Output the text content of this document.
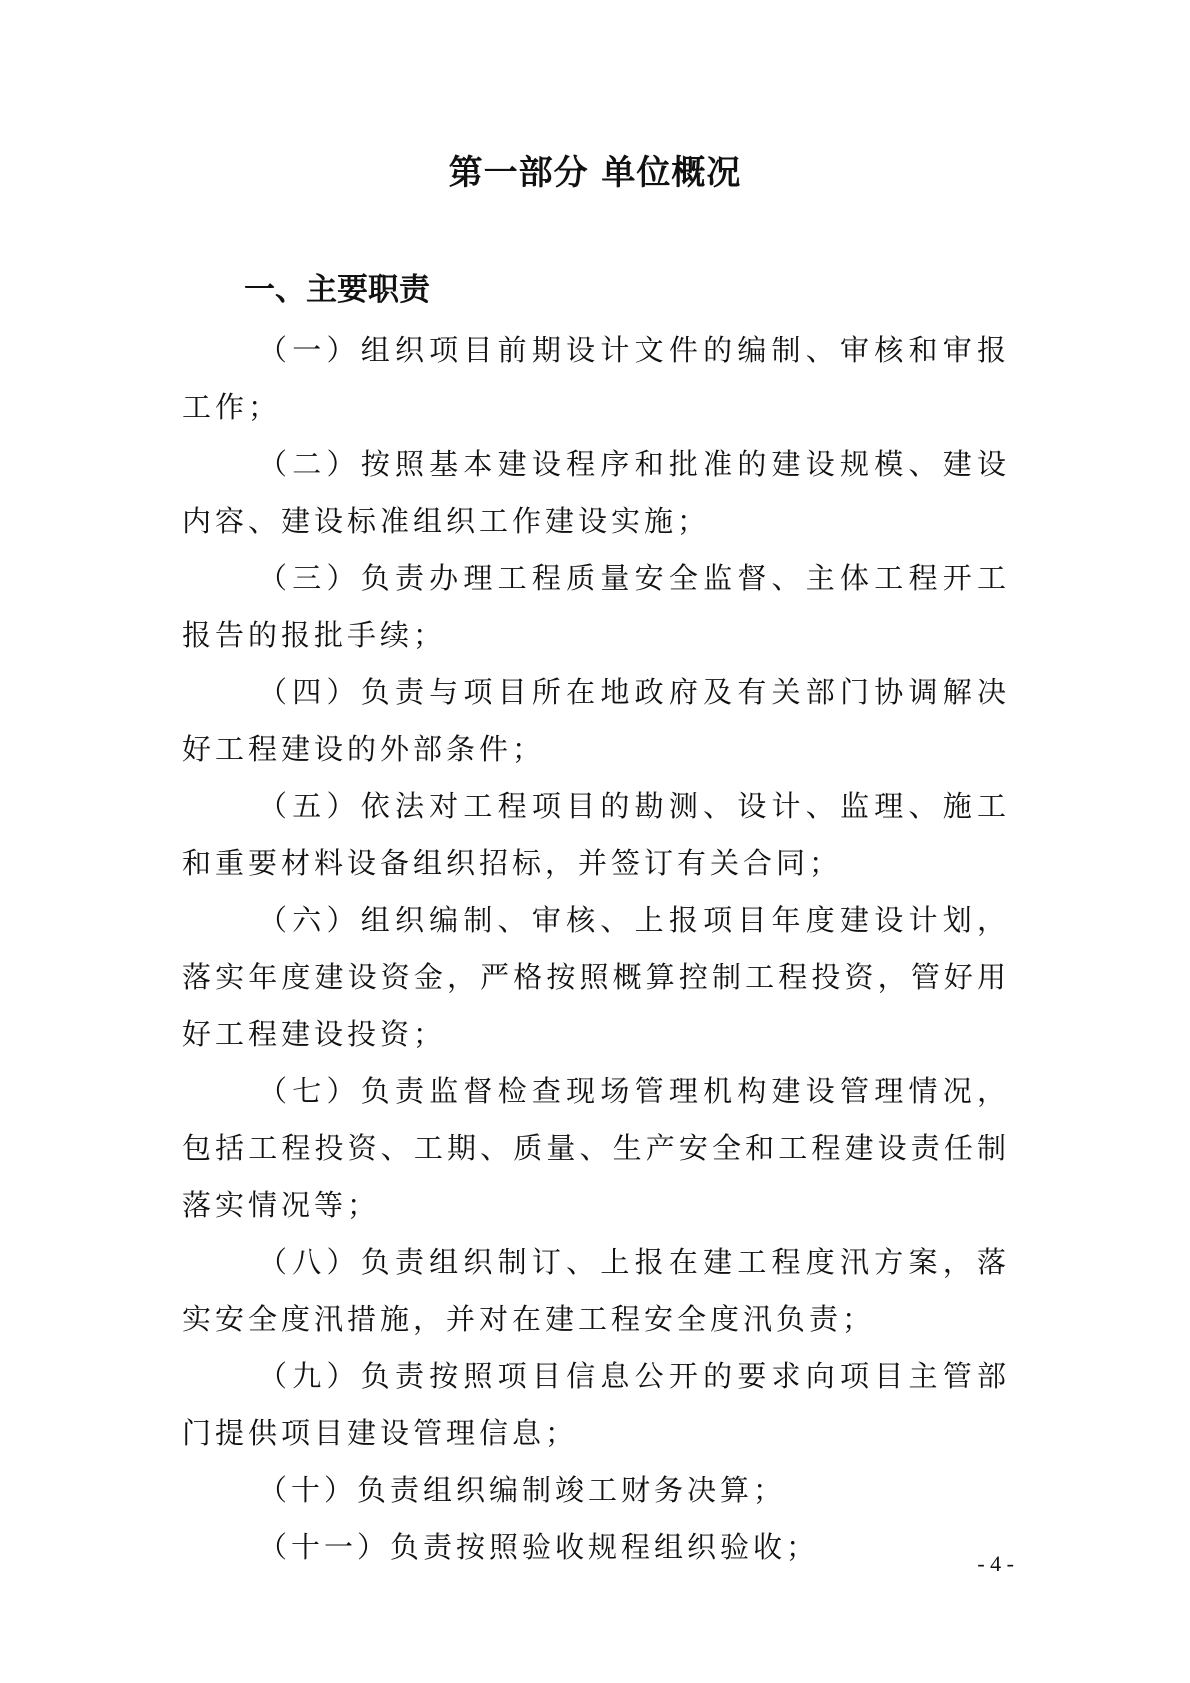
第一部分 单位概况
一、主要职责

（一）组织项目前期设计文件的编制、审核和审报工作；

（二）按照基本建设程序和批准的建设规模、建设内容、建设标准组织工作建设实施；

（三）负责办理工程质量安全监督、主体工程开工报告的报批手续；

（四）负责与项目所在地政府及有关部门协调解决好工程建设的外部条件；

（五）依法对工程项目的勘测、设计、监理、施工和重要材料设备组织招标，并签订有关合同；

（六）组织编制、审核、上报项目年度建设计划，落实年度建设资金，严格按照概算控制工程投资，管好用好工程建设投资；

（七）负责监督检查现场管理机构建设管理情况，包括工程投资、工期、质量、生产安全和工程建设责任制落实情况等；

（八）负责组织制订、上报在建工程度汛方案，落实安全度汛措施，并对在建工程安全度汛负责；

（九）负责按照项目信息公开的要求向项目主管部门提供项目建设管理信息；

（十）负责组织编制竣工财务决算；

（十一）负责按照验收规程组织验收；	- 4 -
